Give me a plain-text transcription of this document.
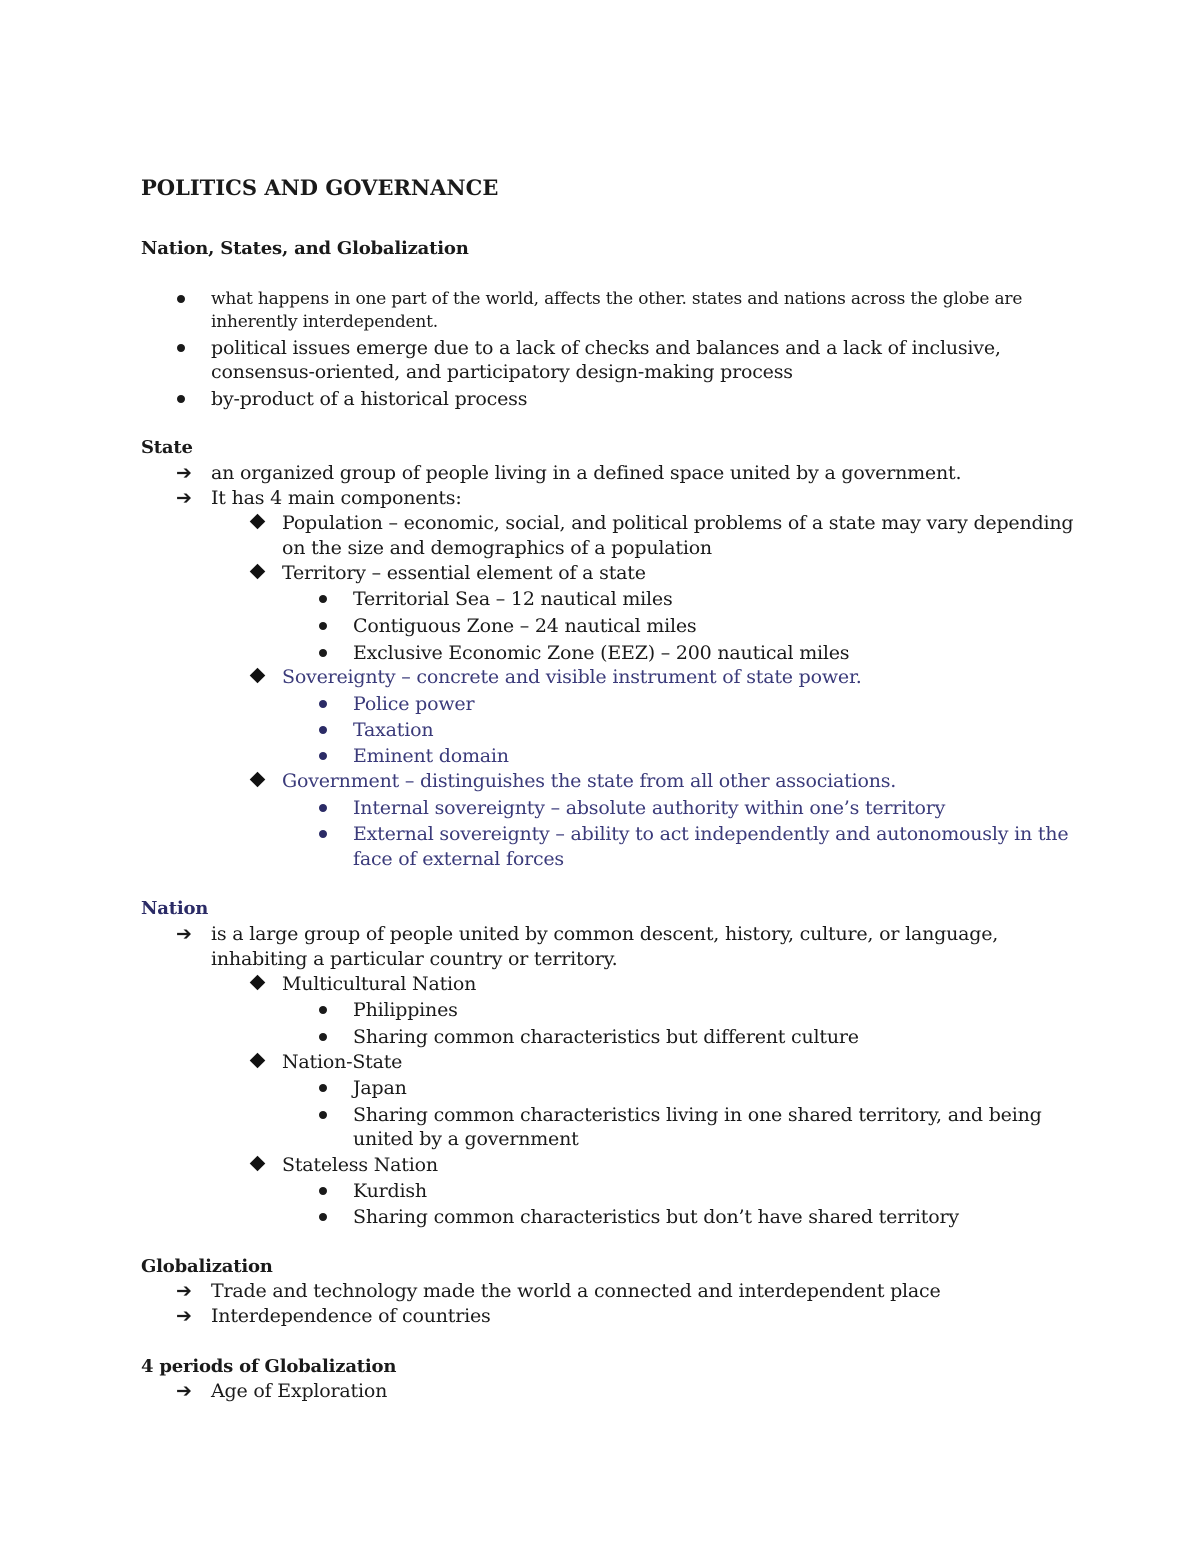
POLITICS AND GOVERNANCE
Nation, States, and Globalization
what happens in one part of the world, affects the other. states and nations across the globe are
inherently interdependent.
political issues emerge due to a lack of checks and balances and a lack of inclusive,
consensus-oriented, and participatory design-making process
by-product of a historical process
State
➔ an organized group of people living in a defined space united by a government.
➔ It has 4 main components:
Population – economic, social, and political problems of a state may vary depending
on the size and demographics of a population
Territory – essential element of a state
Territorial Sea – 12 nautical miles
Contiguous Zone – 24 nautical miles
Exclusive Economic Zone (EEZ) – 200 nautical miles
Sovereignty – concrete and visible instrument of state power.
Police power
Taxation
Eminent domain
Government – distinguishes the state from all other associations.
Internal sovereignty – absolute authority within one’s territory
External sovereignty – ability to act independently and autonomously in the
face of external forces
Nation
➔ is a large group of people united by common descent, history, culture, or language,
inhabiting a particular country or territory.
Multicultural Nation
Philippines
Sharing common characteristics but different culture
Nation-State
Japan
Sharing common characteristics living in one shared territory, and being
united by a government
Stateless Nation
Kurdish
Sharing common characteristics but don’t have shared territory
Globalization
➔ Trade and technology made the world a connected and interdependent place
➔ Interdependence of countries
4 periods of Globalization
➔ Age of Exploration
